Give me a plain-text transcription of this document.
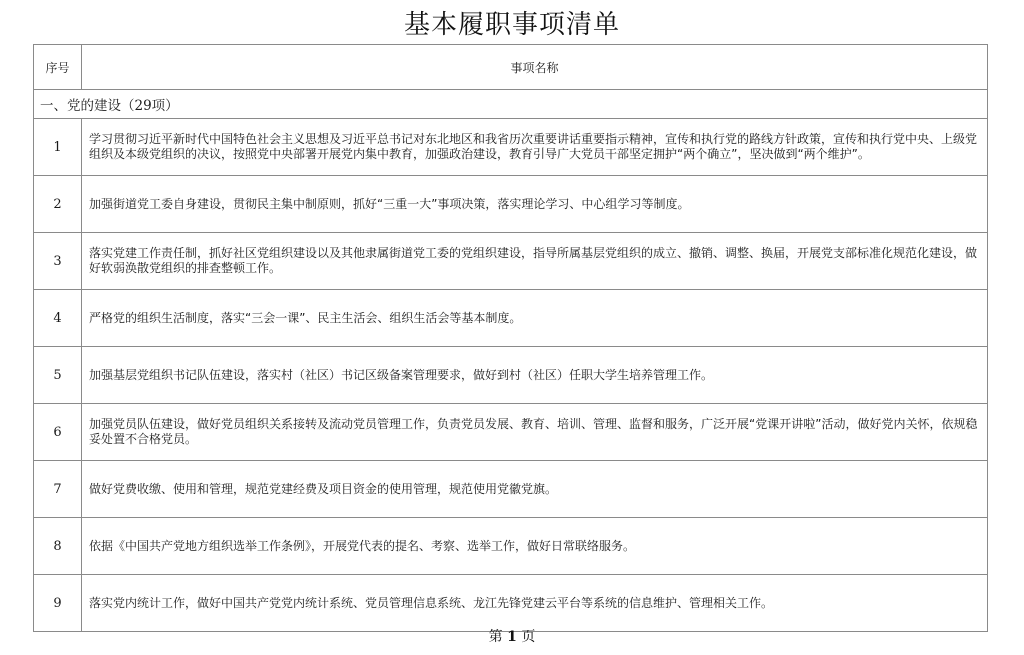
基本履职事项清单
序号	事项名称
一、党的建设（29项）	
1	学习贯彻习近平新时代中国特色社会主义思想及习近平总书记对东北地区和我省历次重要讲话重要指示精神，宣传和执行党的路线方针政策，宣传和执行党中央、上级党组织及本级党组织的决议，按照党中央部署开展党内集中教育，加强政治建设，教育引导广大党员干部坚定拥护“两个确立”，坚决做到“两个维护”。
2	加强街道党工委自身建设，贯彻民主集中制原则，抓好“三重一大”事项决策，落实理论学习、中心组学习等制度。
3	落实党建工作责任制，抓好社区党组织建设以及其他隶属街道党工委的党组织建设，指导所属基层党组织的成立、撤销、调整、换届，开展党支部标准化规范化建设，做好软弱涣散党组织的排查整顿工作。
4	严格党的组织生活制度，落实“三会一课”、民主生活会、组织生活会等基本制度。
5	加强基层党组织书记队伍建设，落实村（社区）书记区级备案管理要求，做好到村（社区）任职大学生培养管理工作。
6	加强党员队伍建设，做好党员组织关系接转及流动党员管理工作，负责党员发展、教育、培训、管理、监督和服务，广泛开展“党课开讲啦”活动，做好党内关怀，依规稳妥处置不合格党员。
7	做好党费收缴、使用和管理，规范党建经费及项目资金的使用管理，规范使用党徽党旗。
8	依据《中国共产党地方组织选举工作条例》，开展党代表的提名、考察、选举工作，做好日常联络服务。
9	落实党内统计工作，做好中国共产党党内统计系统、党员管理信息系统、龙江先锋党建云平台等系统的信息维护、管理相关工作。
第 1 页
